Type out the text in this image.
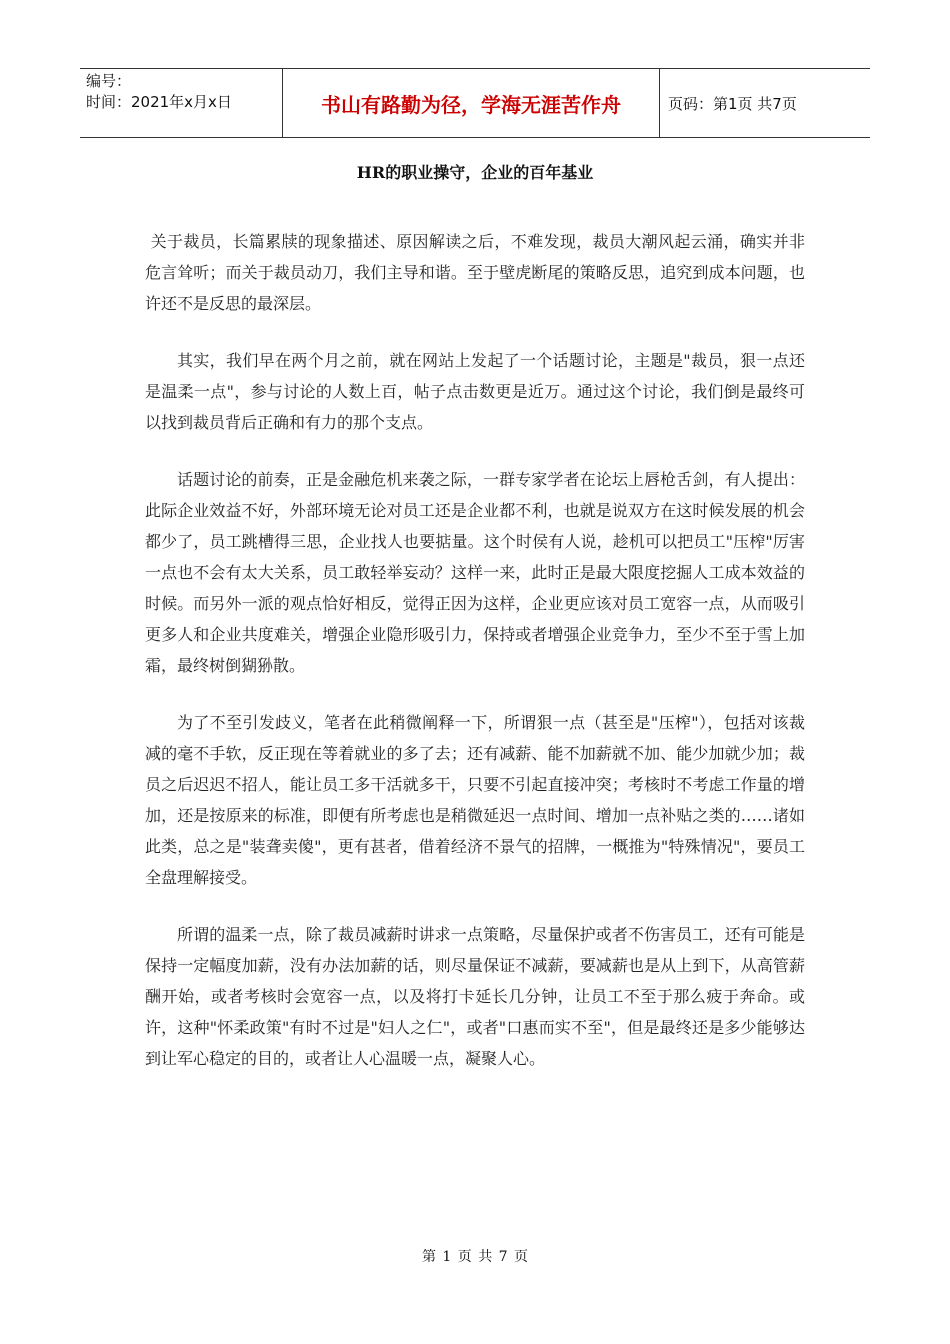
编号：
时间：2021年x月x日	书山有路勤为径，学海无涯苦作舟	页码：第1页 共7页
HR的职业操守，企业的百年基业

关于裁员，长篇累牍的现象描述、原因解读之后，不难发现，裁员大潮风起云涌，确实并非危言耸听；而关于裁员动刀，我们主导和谐。至于壁虎断尾的策略反思，追究到成本问题，也许还不是反思的最深层。

其实，我们早在两个月之前，就在网站上发起了一个话题讨论，主题是"裁员，狠一点还是温柔一点"，参与讨论的人数上百，帖子点击数更是近万。通过这个讨论，我们倒是最终可以找到裁员背后正确和有力的那个支点。

话题讨论的前奏，正是金融危机来袭之际，一群专家学者在论坛上唇枪舌剑，有人提出：此际企业效益不好，外部环境无论对员工还是企业都不利，也就是说双方在这时候发展的机会都少了，员工跳槽得三思，企业找人也要掂量。这个时侯有人说，趁机可以把员工"压榨"厉害一点也不会有太大关系，员工敢轻举妄动？这样一来，此时正是最大限度挖掘人工成本效益的时候。而另外一派的观点恰好相反，觉得正因为这样，企业更应该对员工宽容一点，从而吸引更多人和企业共度难关，增强企业隐形吸引力，保持或者增强企业竞争力，至少不至于雪上加霜，最终树倒猢狲散。

为了不至引发歧义，笔者在此稍微阐释一下，所谓狠一点（甚至是"压榨"），包括对该裁减的毫不手软，反正现在等着就业的多了去；还有减薪、能不加薪就不加、能少加就少加；裁员之后迟迟不招人，能让员工多干活就多干，只要不引起直接冲突；考核时不考虑工作量的增加，还是按原来的标准，即便有所考虑也是稍微延迟一点时间、增加一点补贴之类的……诸如此类，总之是"装聋卖傻"，更有甚者，借着经济不景气的招牌，一概推为"特殊情况"，要员工全盘理解接受。

所谓的温柔一点，除了裁员减薪时讲求一点策略，尽量保护或者不伤害员工，还有可能是保持一定幅度加薪，没有办法加薪的话，则尽量保证不减薪，要减薪也是从上到下，从高管薪酬开始，或者考核时会宽容一点，以及将打卡延长几分钟，让员工不至于那么疲于奔命。或许，这种"怀柔政策"有时不过是"妇人之仁"，或者"口惠而实不至"，但是最终还是多少能够达到让军心稳定的目的，或者让人心温暖一点，凝聚人心。

第 1 页 共 7 页
